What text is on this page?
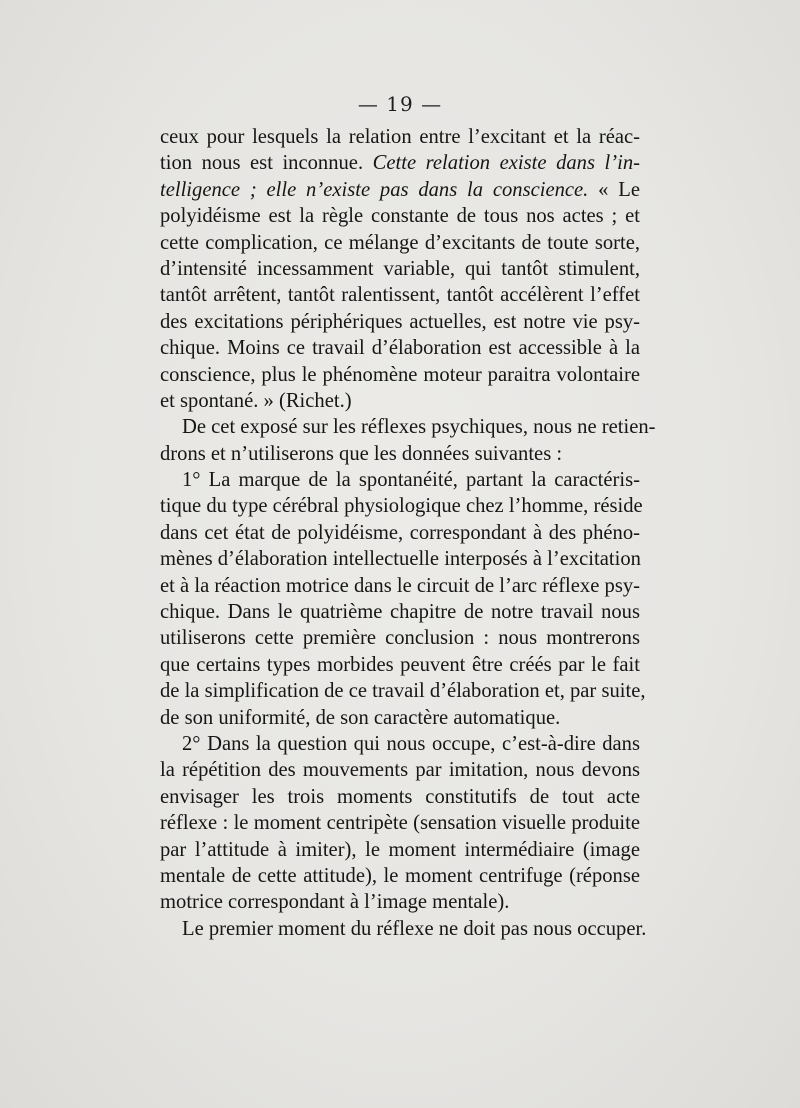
— 19 —
ceux pour lesquels la relation entre l’excitant et la réac-
tion nous est inconnue. Cette relation existe dans l’in-
telligence ; elle n’existe pas dans la conscience. « Le
polyidéisme est la règle constante de tous nos actes ; et
cette complication, ce mélange d’excitants de toute sorte,
d’intensité incessamment variable, qui tantôt stimulent,
tantôt arrêtent, tantôt ralentissent, tantôt accélèrent l’effet
des excitations périphériques actuelles, est notre vie psy-
chique. Moins ce travail d’élaboration est accessible à la
conscience, plus le phénomène moteur paraitra volontaire
et spontané. » (Richet.)
De cet exposé sur les réflexes psychiques, nous ne retien-
drons et n’utiliserons que les données suivantes :
1° La marque de la spontanéité, partant la caractéris-
tique du type cérébral physiologique chez l’homme, réside
dans cet état de polyidéisme, correspondant à des phéno-
mènes d’élaboration intellectuelle interposés à l’excitation
et à la réaction motrice dans le circuit de l’arc réflexe psy-
chique. Dans le quatrième chapitre de notre travail nous
utiliserons cette première conclusion : nous montrerons
que certains types morbides peuvent être créés par le fait
de la simplification de ce travail d’élaboration et, par suite,
de son uniformité, de son caractère automatique.
2° Dans la question qui nous occupe, c’est-à-dire dans
la répétition des mouvements par imitation, nous devons
envisager les trois moments constitutifs de tout acte
réflexe : le moment centripète (sensation visuelle produite
par l’attitude à imiter), le moment intermédiaire (image
mentale de cette attitude), le moment centrifuge (réponse
motrice correspondant à l’image mentale).
Le premier moment du réflexe ne doit pas nous occuper.
